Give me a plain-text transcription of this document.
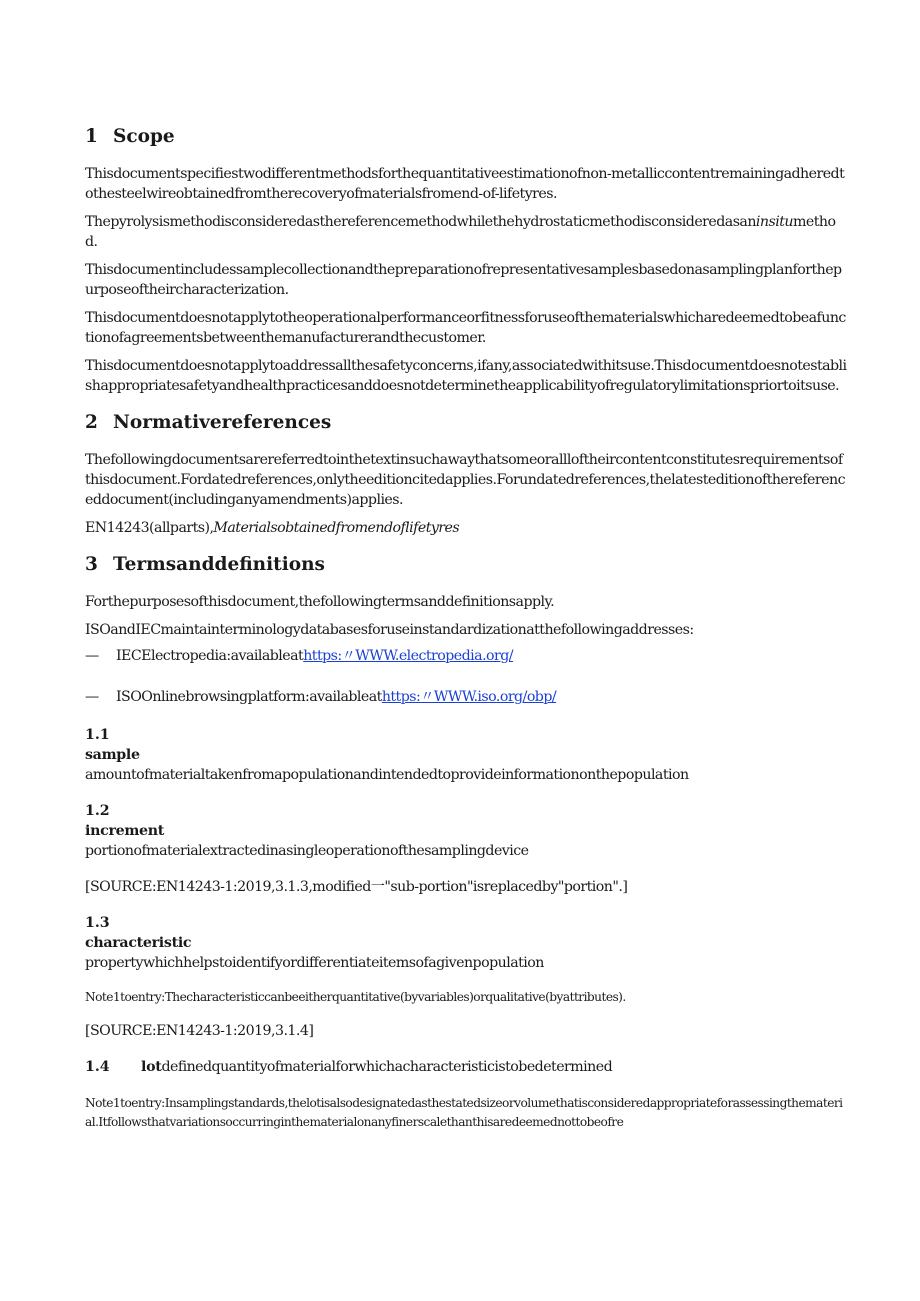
1 Scope
Thisdocumentspecifiestwodifferentmethodsforthequantitativeestimationofnon-metalliccontentremainingadheredtothesteelwireobtainedfromtherecoveryofmaterialsfromend-of-lifetyres.
Thepyrolysismethodisconsideredasthereferencemethodwhilethehydrostaticmethodisconsideredasaninsitumethod.
Thisdocumentincludessamplecollectionandthepreparationofrepresentativesamplesbasedonasamplingplanforthepurposeoftheircharacterization.
Thisdocumentdoesnotapplytotheoperationalperformanceorfitnessforuseofthematerialswhicharedeemedtobeafunctionofagreementsbetweenthemanufacturerandthecustomer.
Thisdocumentdoesnotapplytoaddressallthesafetyconcerns,ifany,associatedwithitsuse.Thisdocumentdoesnotestablishappropriatesafetyandhealthpracticesanddoesnotdeterminetheapplicabilityofregulatorylimitationspriortoitsuse.
2 Normativereferences
Thefollowingdocumentsarereferredtointhetextinsuchawaythatsomeorallloftheircontentconstitutesrequirementsofthisdocument.Fordatedreferences,onlytheeditioncitedapplies.Forundatedreferences,thelatesteditionofthereferenceddocument(includinganyamendments)applies.
EN14243(allparts),Materialsobtainedfromendoflifetyres
3 Termsanddefinitions
Forthepurposesofthisdocument,thefollowingtermsanddefinitionsapply.
ISOandIECmaintainterminologydatabasesforuseinstandardizationatthefollowingaddresses:
— IECElectropedia:availableathttps:〃WWW.electropedia.org/
— ISOOnlinebrowsingplatform:availableathttps:〃WWW.iso.org/obp/
1.1
sample
amountofmaterialtakenfromapopulationandintendedtoprovideinformationonthepopulation
1.2
increment
portionofmaterialextractedinasingleoperationofthesamplingdevice
[SOURCE:EN14243-1:2019,3.1.3,modified一"sub-portion"isreplacedby"portion".]
1.3
characteristic
propertywhichhelpstoidentifyordifferentiateitemsofagivenpopulation
Note1toentry:Thecharacteristiccanbeeitherquantitative(byvariables)orqualitative(byattributes).
[SOURCE:EN14243-1:2019,3.1.4]
1.4 lotdefinedquantityofmaterialforwhichacharacteristicistobedetermined
Note1toentry:Insamplingstandards,thelotisalsodesignatedasthestatedsizeorvolumethatisconsideredappropriateforassessingthematerial.Itfollowsthatvariationsoccurringinthematerialonanyfinerscalethanthisaredeemednottobeofre
